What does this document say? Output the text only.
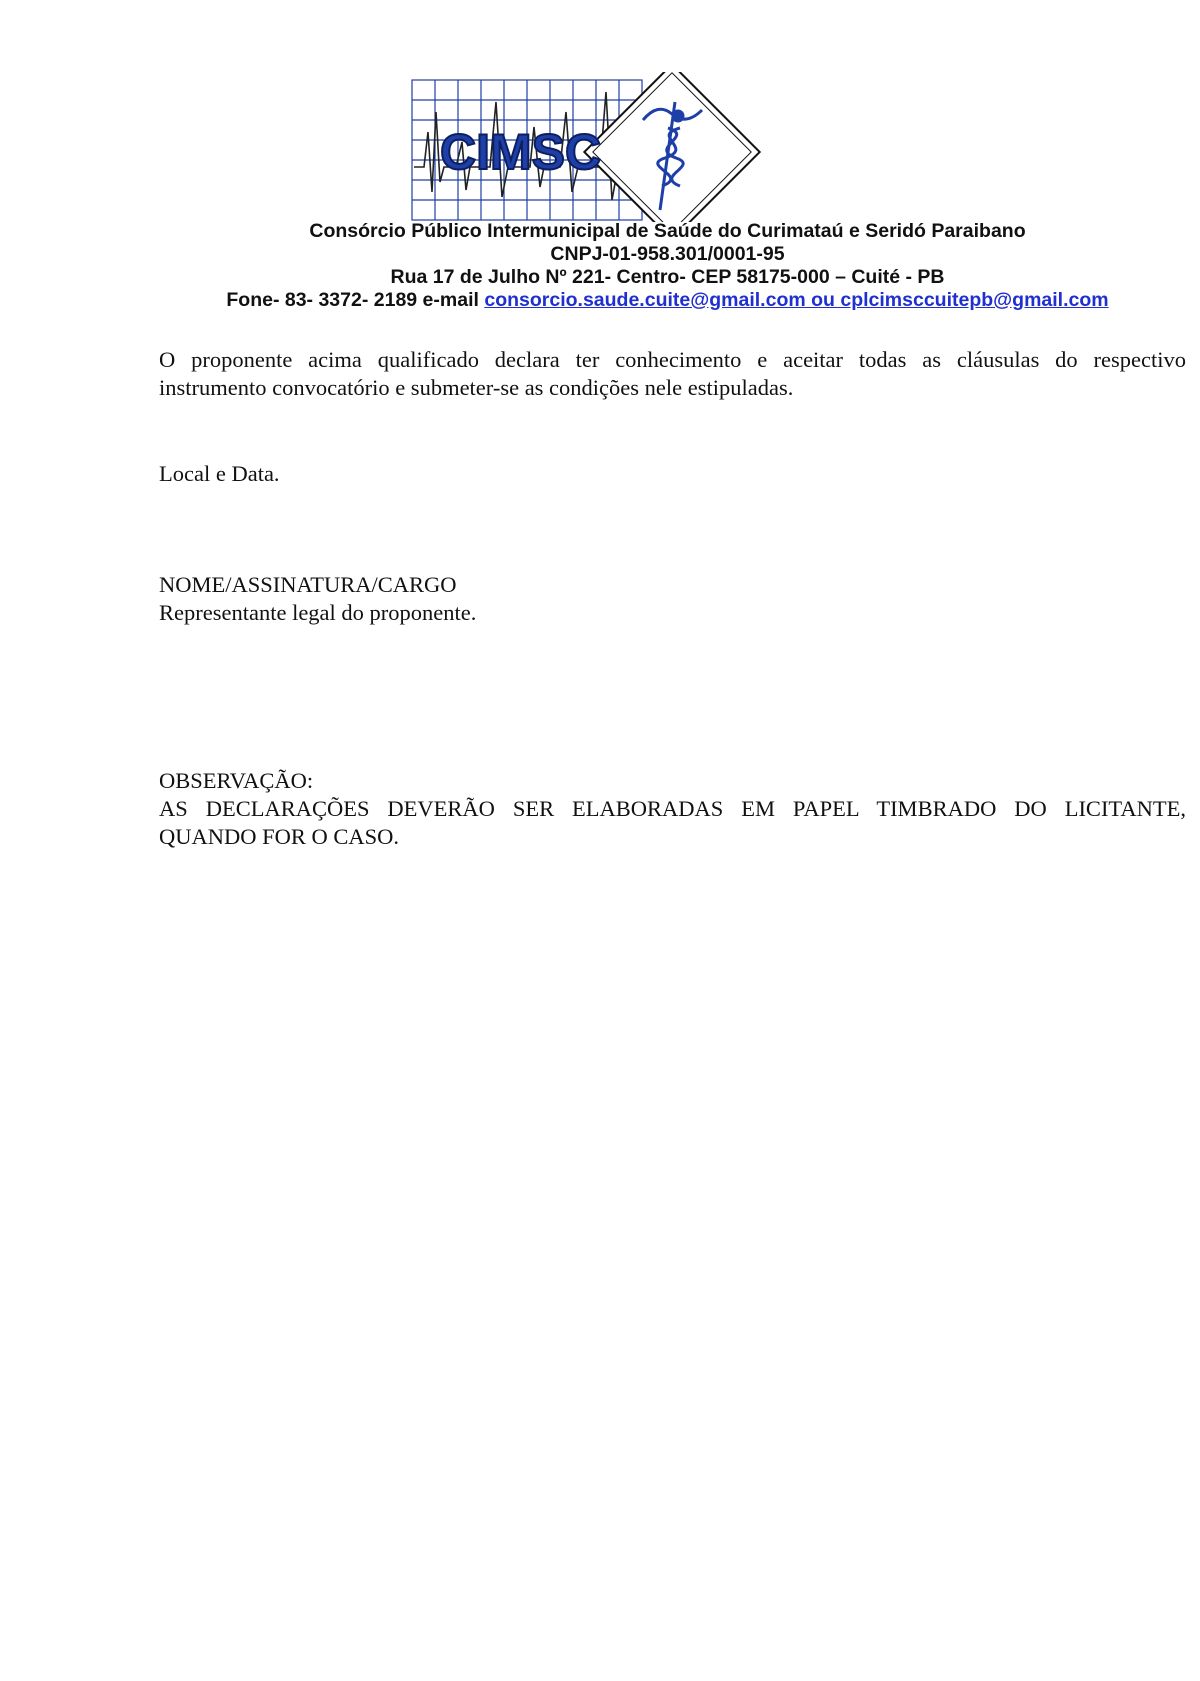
CIMSC
Consórcio Público Intermunicipal de Saúde do Curimataú e Seridó Paraibano
CNPJ-01-958.301/0001-95
Rua 17 de Julho Nº 221- Centro- CEP 58175-000 – Cuité - PB
Fone- 83- 3372- 2189 e-mail consorcio.saude.cuite@gmail.com ou cplcimsccuitepb@gmail.com
O proponente acima qualificado declara ter conhecimento e aceitar todas as cláusulas do respectivo
instrumento convocatório e submeter-se as condições nele estipuladas.
Local e Data.
NOME/ASSINATURA/CARGO
Representante legal do proponente.
OBSERVAÇÃO:
AS DECLARAÇÕES DEVERÃO SER ELABORADAS EM PAPEL TIMBRADO DO LICITANTE,
QUANDO FOR O CASO.
